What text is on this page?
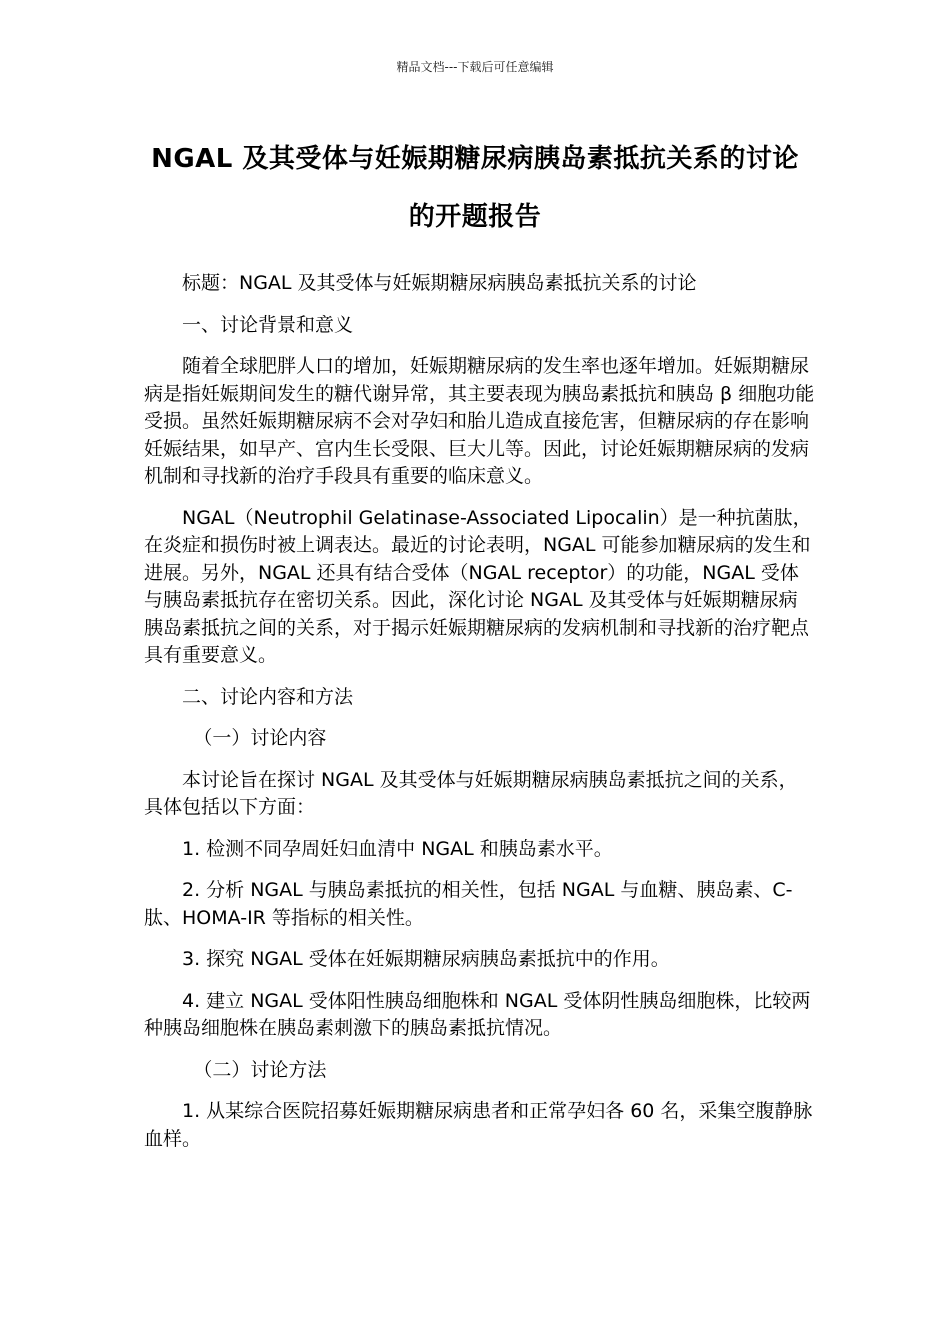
精品文档---下载后可任意编辑
NGAL 及其受体与妊娠期糖尿病胰岛素抵抗关系的讨论的开题报告

标题：NGAL 及其受体与妊娠期糖尿病胰岛素抵抗关系的讨论

一、讨论背景和意义

随着全球肥胖人口的增加，妊娠期糖尿病的发生率也逐年增加。妊娠期糖尿病是指妊娠期间发生的糖代谢异常，其主要表现为胰岛素抵抗和胰岛 β 细胞功能受损。虽然妊娠期糖尿病不会对孕妇和胎儿造成直接危害，但糖尿病的存在影响妊娠结果，如早产、宫内生长受限、巨大儿等。因此，讨论妊娠期糖尿病的发病机制和寻找新的治疗手段具有重要的临床意义。

NGAL（Neutrophil Gelatinase-Associated Lipocalin）是一种抗菌肽，在炎症和损伤时被上调表达。最近的讨论表明，NGAL 可能参加糖尿病的发生和进展。另外，NGAL 还具有结合受体（NGAL receptor）的功能，NGAL 受体与胰岛素抵抗存在密切关系。因此，深化讨论 NGAL 及其受体与妊娠期糖尿病胰岛素抵抗之间的关系，对于揭示妊娠期糖尿病的发病机制和寻找新的治疗靶点具有重要意义。

二、讨论内容和方法

（一）讨论内容

本讨论旨在探讨 NGAL 及其受体与妊娠期糖尿病胰岛素抵抗之间的关系，具体包括以下方面：

1. 检测不同孕周妊妇血清中 NGAL 和胰岛素水平。

2. 分析 NGAL 与胰岛素抵抗的相关性，包括 NGAL 与血糖、胰岛素、C-肽、HOMA-IR 等指标的相关性。

3. 探究 NGAL 受体在妊娠期糖尿病胰岛素抵抗中的作用。

4. 建立 NGAL 受体阳性胰岛细胞株和 NGAL 受体阴性胰岛细胞株，比较两种胰岛细胞株在胰岛素刺激下的胰岛素抵抗情况。

（二）讨论方法

1. 从某综合医院招募妊娠期糖尿病患者和正常孕妇各 60 名，采集空腹静脉血样。
